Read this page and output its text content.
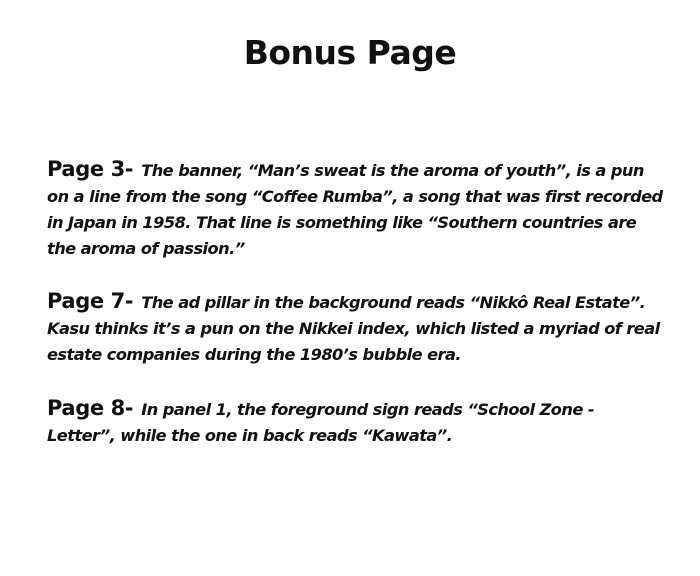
Bonus Page
Page 3- The banner, “Man’s sweat is the aroma of youth”, is a pun on a line from the song “Coffee Rumba”, a song that was first recorded in Japan in 1958. That line is something like “Southern countries are the aroma of passion.”
Page 7- The ad pillar in the background reads “Nikkô Real Estate”. Kasu thinks it’s a pun on the Nikkei index, which listed a myriad of real estate companies during the 1980’s bubble era.
Page 8- In panel 1, the foreground sign reads “School Zone - Letter”, while the one in back reads “Kawata”.
